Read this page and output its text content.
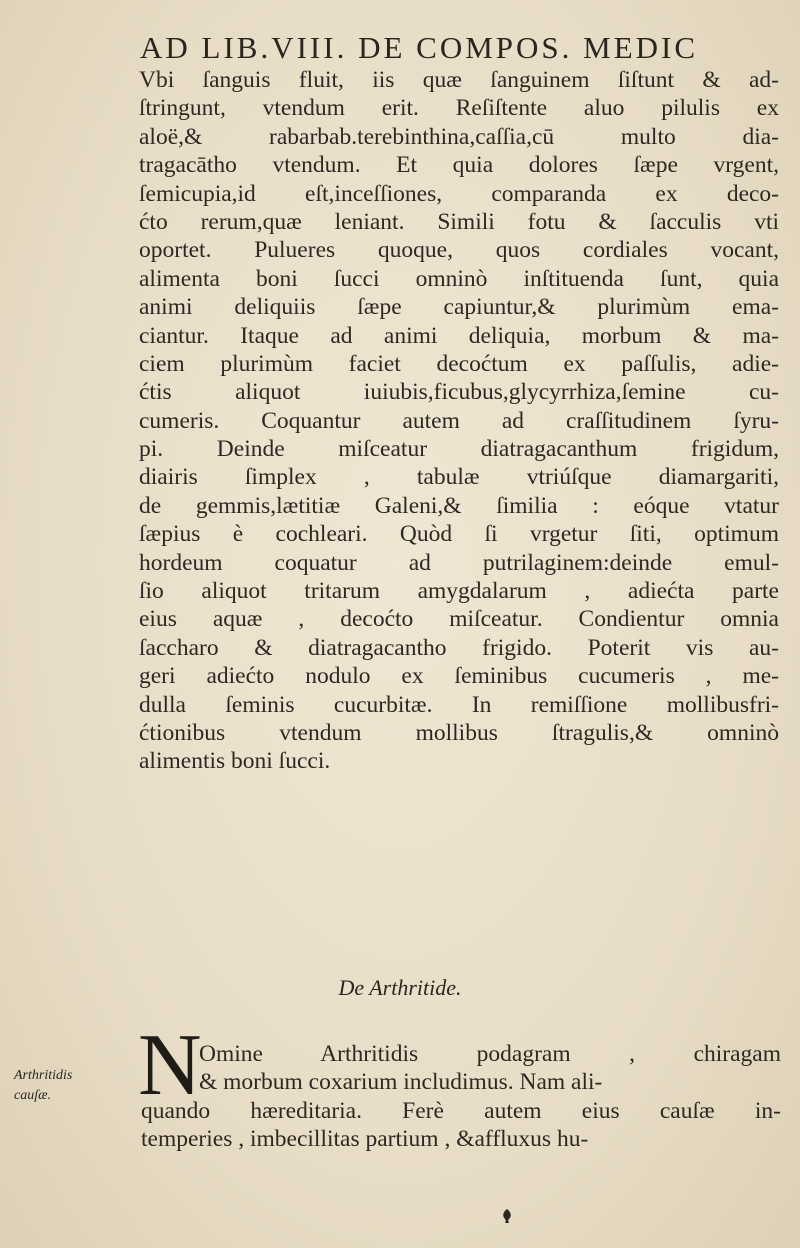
AD LIB.VIII. DE COMPOS. MEDIC
Vbi ſanguis fluit, iis quæ ſanguinem ſiſtunt & ad-
ſtringunt, vtendum erit. Reſiſtente aluo pilulis ex
aloë,& rabarbab.terebinthina,caſſia,cū multo dia-
tragacātho vtendum. Et quia dolores ſæpe vrgent,
ſemicupia,id eſt,inceſſiones, comparanda ex deco-
ćto rerum,quæ leniant. Simili fotu & ſacculis vti
oportet. Pulueres quoque, quos cordiales vocant,
alimenta boni ſucci omninò inſtituenda ſunt, quia
animi deliquiis ſæpe capiuntur,& plurimùm ema-
ciantur. Itaque ad animi deliquia, morbum & ma-
ciem plurimùm faciet decoćtum ex paſſulis, adie-
ćtis aliquot iuiubis,ficubus,glycyrrhiza,ſemine cu-
cumeris. Coquantur autem ad craſſitudinem ſyru-
pi. Deinde miſceatur diatragacanthum frigidum,
diairis ſimplex , tabulæ vtriúſque diamargariti,
de gemmis,lætitiæ Galeni,& ſimilia : eóque vtatur
ſæpius è cochleari. Quòd ſi vrgetur ſiti, optimum
hordeum coquatur ad putrilaginem:deinde emul-
ſio aliquot tritarum amygdalarum , adiećta parte
eius aquæ , decoćto miſceatur. Condientur omnia
ſaccharo & diatragacantho frigido. Poterit vis au-
geri adiećto nodulo ex ſeminibus cucumeris , me-
dulla ſeminis cucurbitæ. In remiſſione mollibusfri-
ćtionibus vtendum mollibus ſtragulis,& omninò
alimentis boni ſucci.
De Arthritide.
N
Omine Arthritidis podagram , chiragam
& morbum coxarium includimus. Nam ali-
quando hæreditaria. Ferè autem eius cauſæ in-
temperies , imbecillitas partium , &affluxus hu-
Arthritidis
cauſæ.
